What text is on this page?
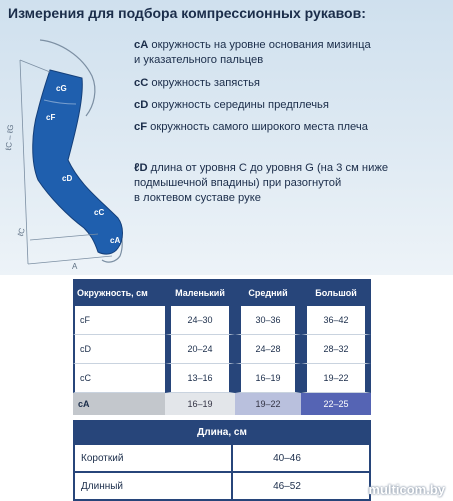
Измерения для подбора компрессионных рукавов:
cG
cF
cD
cC
cA
ℓC – ℓG
ℓC
A
cA окружность на уровне основания мизинца
и указательного пальцев
cC окружность запястья
cD окружность середины предплечья
cF окружность самого широкого места плеча
ℓD длина от уровня C до уровня G (на 3 см ниже
подмышечной впадины) при разогнутой
в локтевом суставе руке
Окружность, см	Маленький	Средний	Большой
cF	24–30	30–36	36–42
cD	20–24	24–28	28–32
cC	13–16	16–19	19–22
cA	16–19	19–22	22–25
Длина, см
Короткий	40–46
Длинный	46–52	multicom.by
